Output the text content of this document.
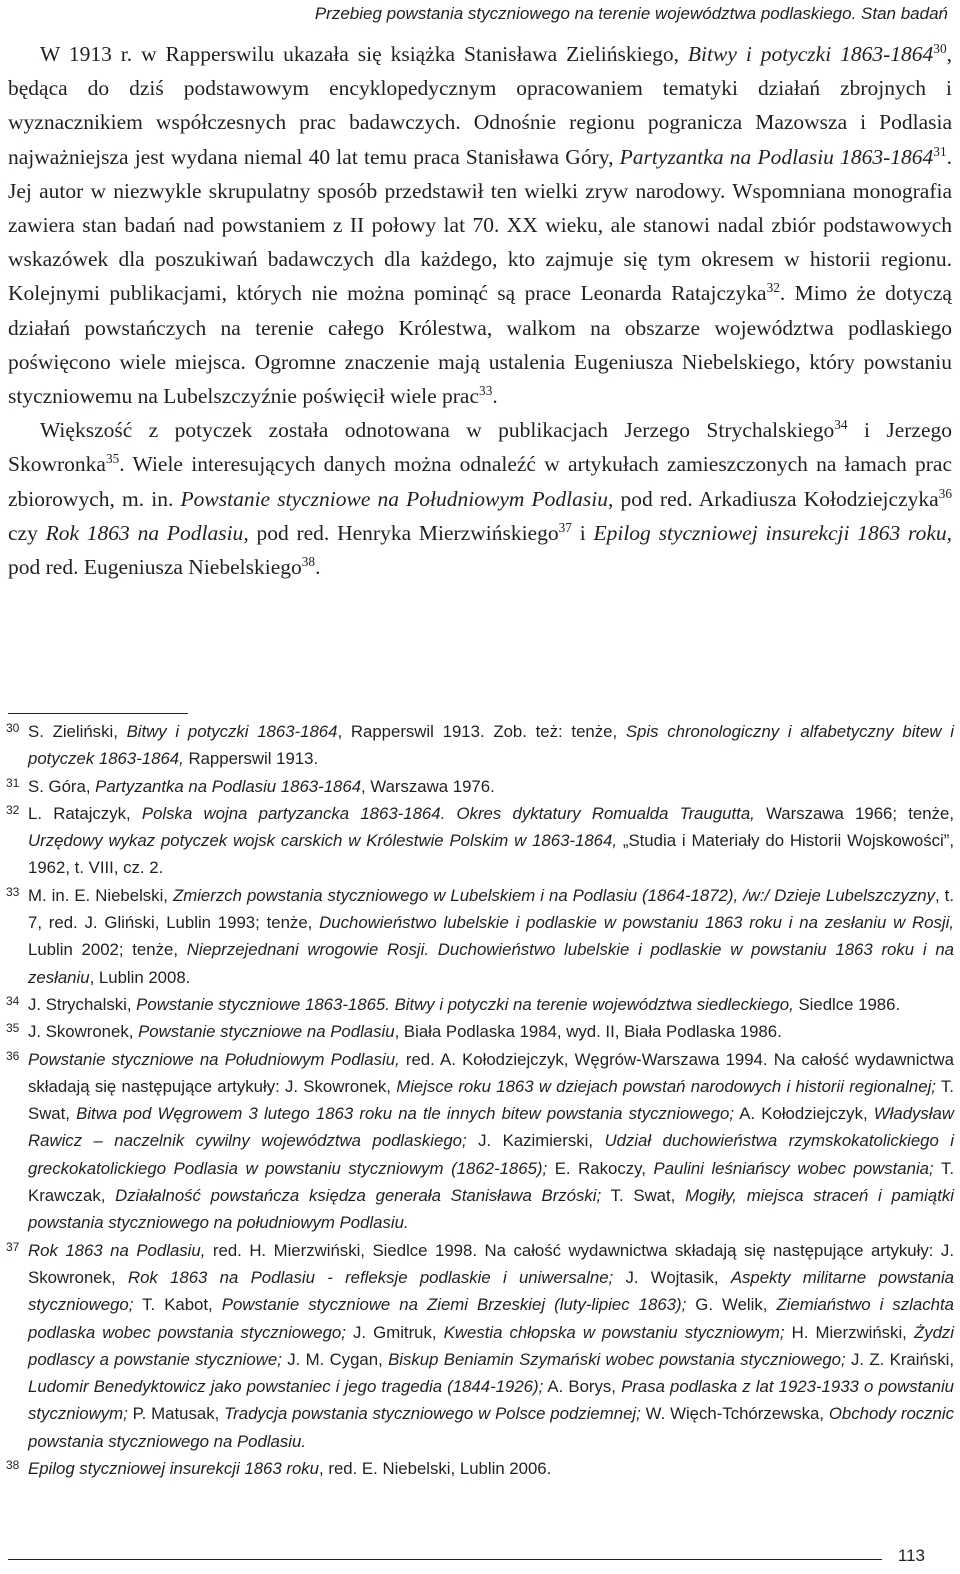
Przebieg powstania styczniowego na terenie województwa podlaskiego. Stan badań

W 1913 r. w Rapperswilu ukazała się książka Stanisława Zielińskiego, Bitwy i potyczki 1863-1864$^{30}$, będąca do dziś podstawowym encyklopedycznym opracowaniem tematyki działań zbrojnych i wyznacznikiem współczesnych prac badawczych. Odnośnie regionu pogranicza Mazowsza i Podlasia najważniejsza jest wydana niemal 40 lat temu praca Stanisława Góry, Partyzantka na Podlasiu 1863-1864$^{31}$. Jej autor w niezwykle skrupulatny sposób przedstawił ten wielki zryw narodowy. Wspomniana monografia zawiera stan badań nad powstaniem z II połowy lat 70. XX wieku, ale stanowi nadal zbiór podstawowych wskazówek dla poszukiwań badawczych dla każdego, kto zajmuje się tym okresem w historii regionu. Kolejnymi publikacjami, których nie można pominąć są prace Leonarda Ratajczyka$^{32}$. Mimo że dotyczą działań powstańczych na terenie całego Królestwa, walkom na obszarze województwa podlaskiego poświęcono wiele miejsca. Ogromne znaczenie mają ustalenia Eugeniusza Niebelskiego, który powstaniu styczniowemu na Lubelszczyźnie poświęcił wiele prac$^{33}$.

Większość z potyczek została odnotowana w publikacjach Jerzego Strychalskiego$^{34}$ i Jerzego Skowronka$^{35}$. Wiele interesujących danych można odnaleźć w artykułach zamieszczonych na łamach prac zbiorowych, m. in. Powstanie styczniowe na Południowym Podlasiu, pod red. Arkadiusza Kołodziejczyka$^{36}$ czy Rok 1863 na Podlasiu, pod red. Henryka Mierzwińskiego$^{37}$ i Epilog styczniowej insurekcji 1863 roku, pod red. Eugeniusza Niebelskiego$^{38}$.

30 S. Zieliński, Bitwy i potyczki 1863-1864, Rapperswil 1913. Zob. też: tenże, Spis chronologiczny i alfabetyczny bitew i potyczek 1863-1864, Rapperswil 1913.
31 S. Góra, Partyzantka na Podlasiu 1863-1864, Warszawa 1976.
32 L. Ratajczyk, Polska wojna partyzancka 1863-1864. Okres dyktatury Romualda Traugutta, Warszawa 1966; tenże, Urzędowy wykaz potyczek wojsk carskich w Królestwie Polskim w 1863-1864, „Studia i Materiały do Historii Wojskowości”, 1962, t. VIII, cz. 2.
33 M. in. E. Niebelski, Zmierzch powstania styczniowego w Lubelskiem i na Podlasiu (1864-1872), /w:/ Dzieje Lubelszczyzny, t. 7, red. J. Gliński, Lublin 1993; tenże, Duchowieństwo lubelskie i podlaskie w powstaniu 1863 roku i na zesłaniu w Rosji, Lublin 2002; tenże, Nieprzejednani wrogowie Rosji. Duchowieństwo lubelskie i podlaskie w powstaniu 1863 roku i na zesłaniu, Lublin 2008.
34 J. Strychalski, Powstanie styczniowe 1863-1865. Bitwy i potyczki na terenie województwa siedleckiego, Siedlce 1986.
35 J. Skowronek, Powstanie styczniowe na Podlasiu, Biała Podlaska 1984, wyd. II, Biała Podlaska 1986.
36 Powstanie styczniowe na Południowym Podlasiu, red. A. Kołodziejczyk, Węgrów-Warszawa 1994. Na całość wydawnictwa składają się następujące artykuły: J. Skowronek, Miejsce roku 1863 w dziejach powstań narodowych i historii regionalnej; T. Swat, Bitwa pod Węgrowem 3 lutego 1863 roku na tle innych bitew powstania styczniowego; A. Kołodziejczyk, Władysław Rawicz – naczelnik cywilny województwa podlaskiego; J. Kazimierski, Udział duchowieństwa rzymskokatolickiego i greckokatolickiego Podlasia w powstaniu styczniowym (1862-1865); E. Rakoczy, Paulini leśniańscy wobec powstania; T. Krawczak, Działalność powstańcza księdza generała Stanisława Brzóski; T. Swat, Mogiły, miejsca straceń i pamiątki powstania styczniowego na południowym Podlasiu.
37 Rok 1863 na Podlasiu, red. H. Mierzwiński, Siedlce 1998. Na całość wydawnictwa składają się następujące artykuły: J. Skowronek, Rok 1863 na Podlasiu - refleksje podlaskie i uniwersalne; J. Wojtasik, Aspekty militarne powstania styczniowego; T. Kabot, Powstanie styczniowe na Ziemi Brzeskiej (luty-lipiec 1863); G. Welik, Ziemiaństwo i szlachta podlaska wobec powstania styczniowego; J. Gmitruk, Kwestia chłopska w powstaniu styczniowym; H. Mierzwiński, Żydzi podlascy a powstanie styczniowe; J. M. Cygan, Biskup Beniamin Szymański wobec powstania styczniowego; J. Z. Kraiński, Ludomir Benedyktowicz jako powstaniec i jego tragedia (1844-1926); A. Borys, Prasa podlaska z lat 1923-1933 o powstaniu styczniowym; P. Matusak, Tradycja powstania styczniowego w Polsce podziemnej; W. Więch-Tchórzewska, Obchody rocznic powstania styczniowego na Podlasiu.
38 Epilog styczniowej insurekcji 1863 roku, red. E. Niebelski, Lublin 2006.
113
